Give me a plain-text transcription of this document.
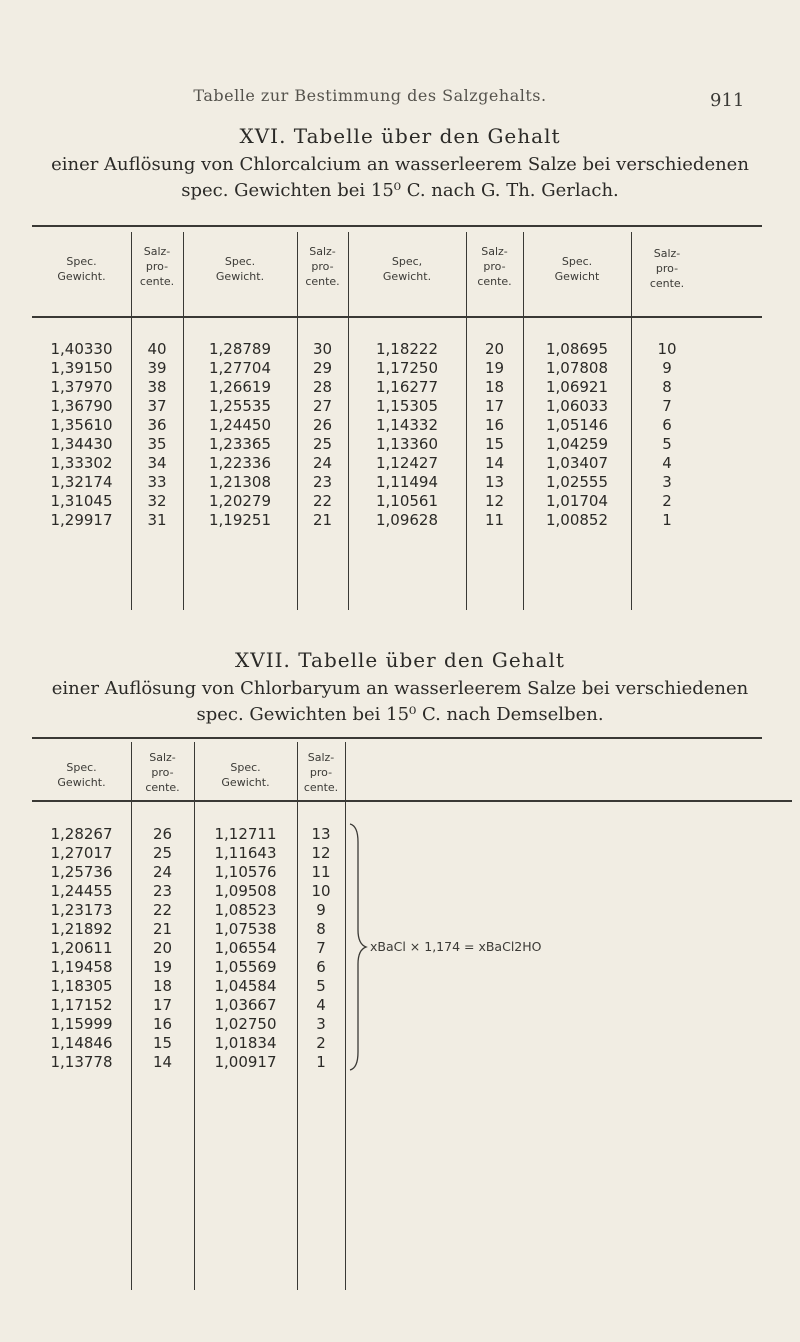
Tabelle zur Bestimmung des Salzgehalts.	911
XVI. Tabelle über den Gehalt
einer Auflösung von Chlorcalcium an wasserleerem Salze bei verschiedenen
spec. Gewichten bei 15⁰ C. nach G. Th. Gerlach.
Spec.
Gewicht.
Salz-
pro-
cente.
Spec.
Gewicht.
Salz-
pro-
cente.
Spec,
Gewicht.
Salz-
pro-
cente.
Spec.
Gewicht
Salz-
pro-
cente.
1,40330
1,39150
1,37970
1,36790
1,35610
1,34430
1,33302
1,32174
1,31045
1,29917
40
39
38
37
36
35
34
33
32
31
1,28789
1,27704
1,26619
1,25535
1,24450
1,23365
1,22336
1,21308
1,20279
1,19251
30
29
28
27
26
25
24
23
22
21
1,18222
1,17250
1,16277
1,15305
1,14332
1,13360
1,12427
1,11494
1,10561
1,09628
20
19
18
17
16
15
14
13
12
11
1,08695
1,07808
1,06921
1,06033
1,05146
1,04259
1,03407
1,02555
1,01704
1,00852
10
9
8
7
6
5
4
3
2
1
XVII. Tabelle über den Gehalt
einer Auflösung von Chlorbaryum an wasserleerem Salze bei verschiedenen
spec. Gewichten bei 15⁰ C. nach Demselben.
Spec.
Gewicht.
Salz-
pro-
cente.
Spec.
Gewicht.
Salz-
pro-
cente.
1,28267
1,27017
1,25736
1,24455
1,23173
1,21892
1,20611
1,19458
1,18305
1,17152
1,15999
1,14846
1,13778
26
25
24
23
22
21
20
19
18
17
16
15
14
1,12711
1,11643
1,10576
1,09508
1,08523
1,07538
1,06554
1,05569
1,04584
1,03667
1,02750
1,01834
1,00917
13
12
11
10
9
8
7
6
5
4
3
2
1
xBaCl × 1,174 = xBaCl2HO
